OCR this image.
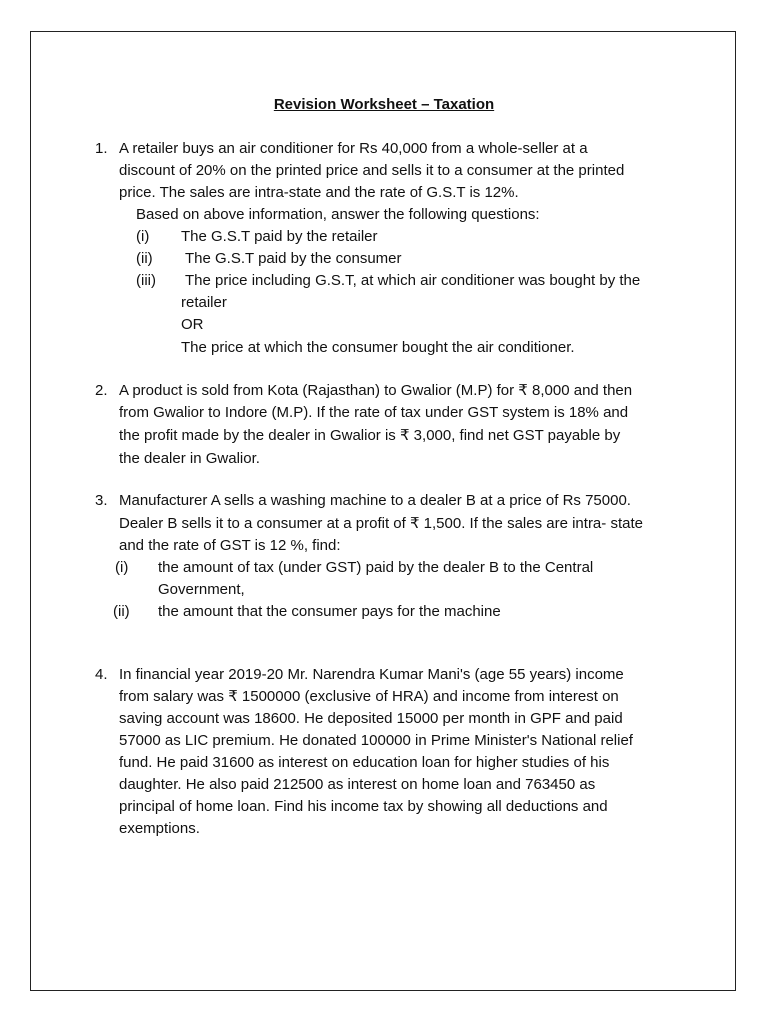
Revision Worksheet – Taxation
1. A retailer buys an air conditioner for Rs 40,000 from a whole-seller at a
discount of 20% on the printed price and sells it to a consumer at the printed
price. The sales are intra-state and the rate of G.S.T is 12%.
Based on above information, answer the following questions:
(i) The G.S.T paid by the retailer
(ii) The G.S.T paid by the consumer
(iii) The price including G.S.T, at which air conditioner was bought by the
retailer
OR
The price at which the consumer bought the air conditioner.
2. A product is sold from Kota (Rajasthan) to Gwalior (M.P) for ₹ 8,000 and then
from Gwalior to Indore (M.P). If the rate of tax under GST system is 18% and
the profit made by the dealer in Gwalior is ₹ 3,000, find net GST payable by
the dealer in Gwalior.
3. Manufacturer A sells a washing machine to a dealer B at a price of Rs 75000.
Dealer B sells it to a consumer at a profit of ₹ 1,500. If the sales are intra- state
and the rate of GST is 12 %, find:
(i) the amount of tax (under GST) paid by the dealer B to the Central
Government,
(ii) the amount that the consumer pays for the machine
4. In financial year 2019-20 Mr. Narendra Kumar Mani's (age 55 years) income
from salary was ₹ 1500000 (exclusive of HRA) and income from interest on
saving account was 18600. He deposited 15000 per month in GPF and paid
57000 as LIC premium. He donated 100000 in Prime Minister's National relief
fund. He paid 31600 as interest on education loan for higher studies of his
daughter. He also paid 212500 as interest on home loan and 763450 as
principal of home loan. Find his income tax by showing all deductions and
exemptions.
